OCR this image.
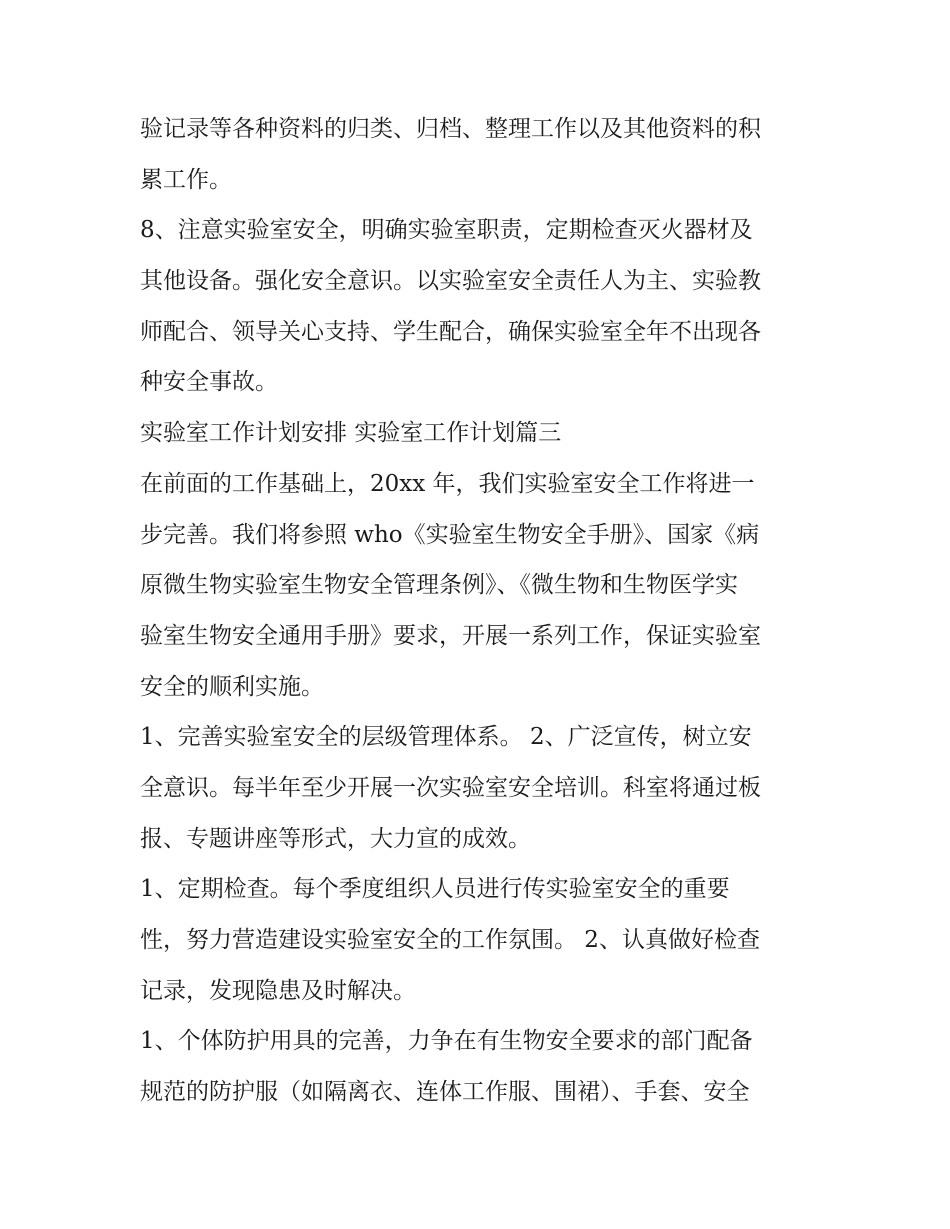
验记录等各种资料的归类、归档、整理工作以及其他资料的积
累工作。
8、注意实验室安全，明确实验室职责，定期检查灭火器材及
其他设备。强化安全意识。以实验室安全责任人为主、实验教
师配合、领导关心支持、学生配合，确保实验室全年不出现各
种安全事故。
实验室工作计划安排 实验室工作计划篇三
在前面的工作基础上，20xx 年，我们实验室安全工作将进一
步完善。我们将参照 who《实验室生物安全手册》、国家《病
原微生物实验室生物安全管理条例》、《微生物和生物医学实
验室生物安全通用手册》要求，开展一系列工作，保证实验室
安全的顺利实施。
1、完善实验室安全的层级管理体系。 2、广泛宣传，树立安
全意识。每半年至少开展一次实验室安全培训。科室将通过板
报、专题讲座等形式，大力宣的成效。
1、定期检查。每个季度组织人员进行传实验室安全的重要
性，努力营造建设实验室安全的工作氛围。 2、认真做好检查
记录，发现隐患及时解决。
1、个体防护用具的完善，力争在有生物安全要求的部门配备
规范的防护服（如隔离衣、连体工作服、围裙）、手套、安全
